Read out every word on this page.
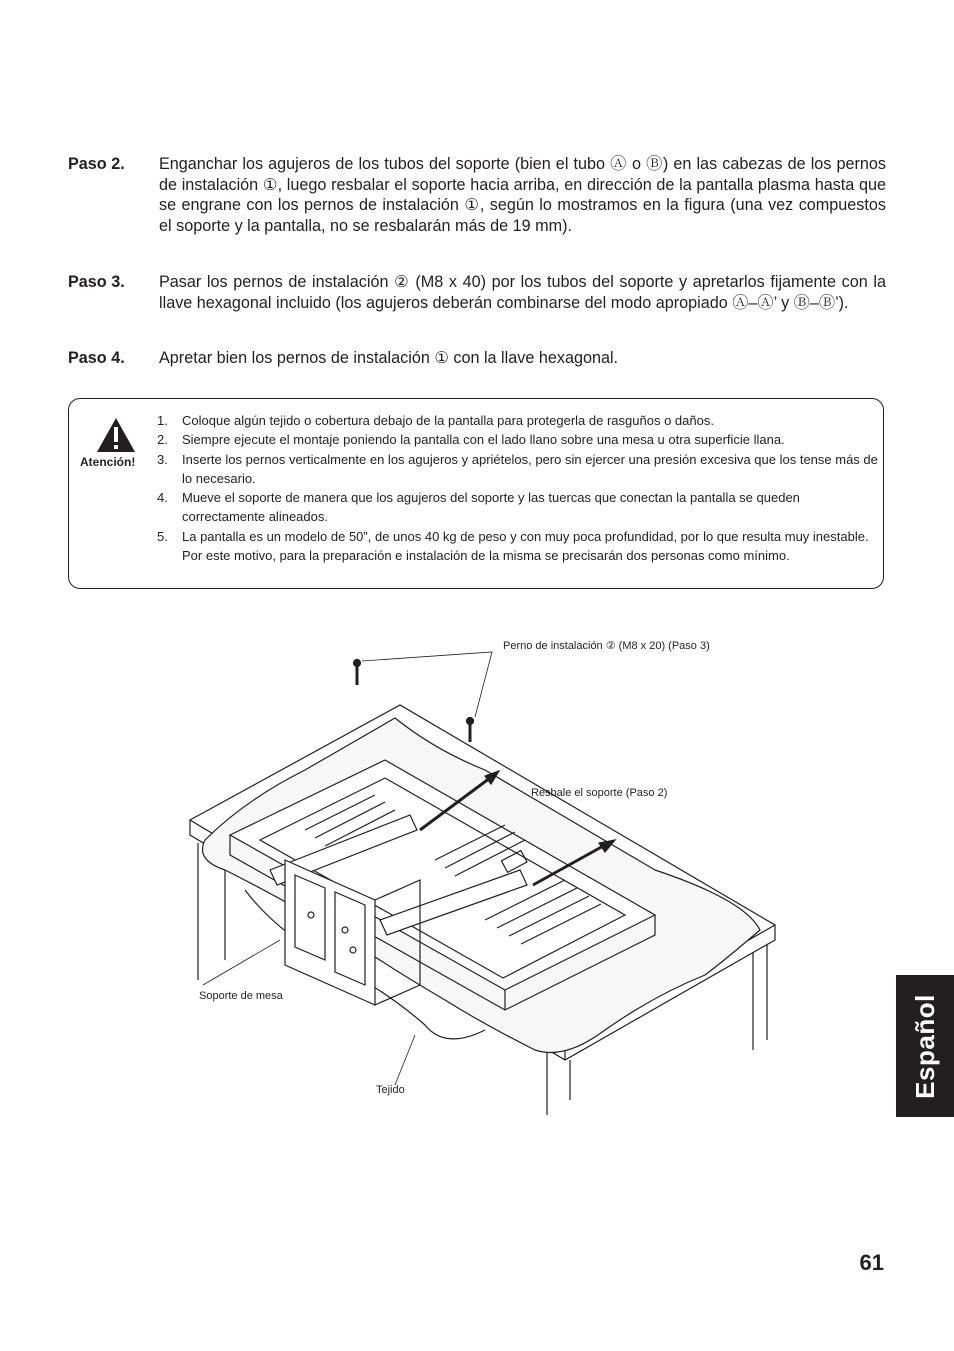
Paso 2. Enganchar los agujeros de los tubos del soporte (bien el tubo Ⓐ o Ⓑ) en las cabezas de los pernos de instalación ①, luego resbalar el soporte hacia arriba, en dirección de la pantalla plasma hasta que se engrane con los pernos de instalación ①, según lo mostramos en la figura (una vez compuestos el soporte y la pantalla, no se resbalarán más de 19 mm).
Paso 3. Pasar los pernos de instalación ② (M8 x 40) por los tubos del soporte y apretarlos fijamente con la llave hexagonal incluido (los agujeros deberán combinarse del modo apropiado Ⓐ–Ⓐ’ y Ⓑ–Ⓑ’).
Paso 4. Apretar bien los pernos de instalación ① con la llave hexagonal.
Atención!
1. Coloque algún tejido o cobertura debajo de la pantalla para protegerla de rasguños o daños.
2. Siempre ejecute el montaje poniendo la pantalla con el lado llano sobre una mesa u otra superficie llana.
3. Inserte los pernos verticalmente en los agujeros y apriételos, pero sin ejercer una presión excesiva que los tense más de lo necesario.
4. Mueve el soporte de manera que los agujeros del soporte y las tuercas que conectan la pantalla se queden correctamente alineados.
5. La pantalla es un modelo de 50”, de unos 40 kg de peso y con muy poca profundidad, por lo que resulta muy inestable. Por este motivo, para la preparación e instalación de la misma se precisarán dos personas como mínimo.
Perno de instalación ② (M8 x 20) (Paso 3)
Resbale el soporte (Paso 2)
Soporte de mesa
Tejido	Español
61
